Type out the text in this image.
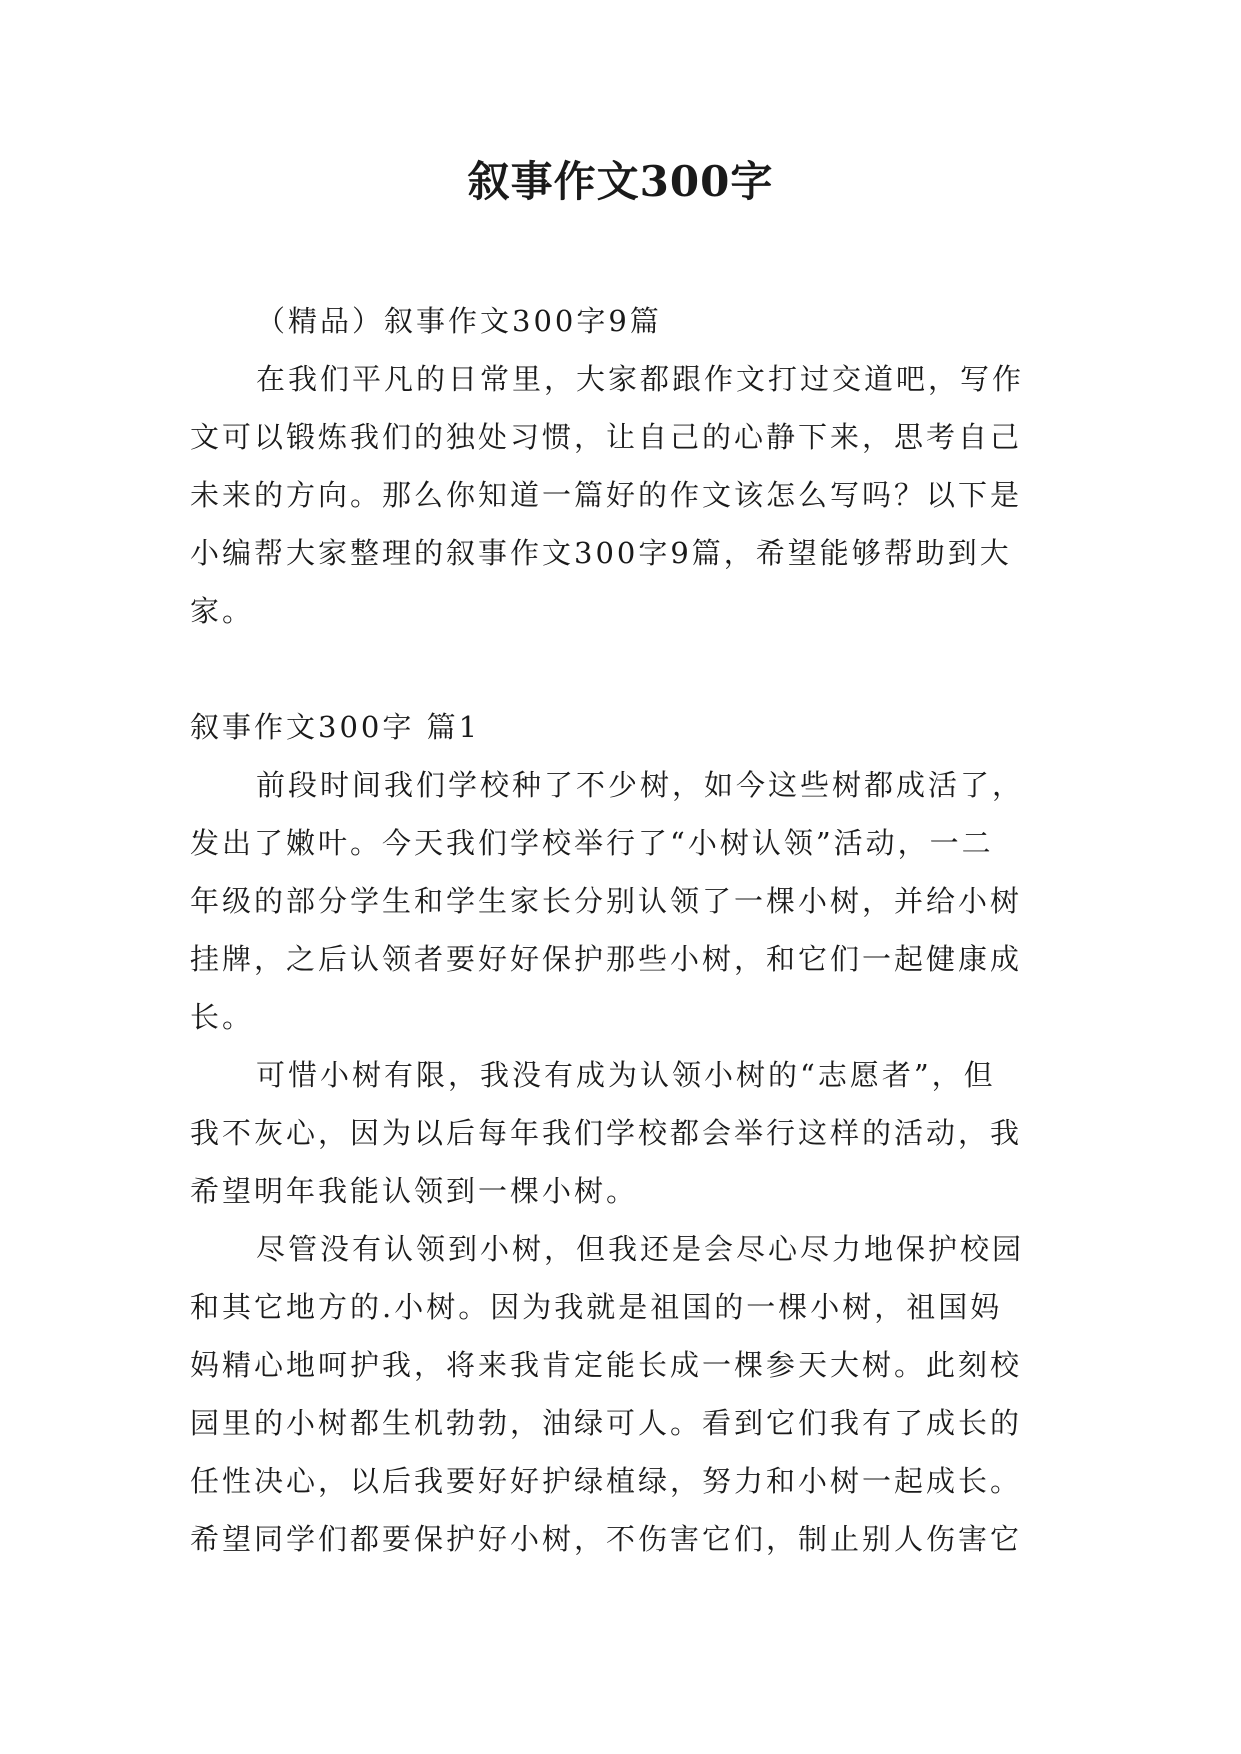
叙事作文300字

（精品）叙事作文300字9篇

在我们平凡的日常里，大家都跟作文打过交道吧，写作

文可以锻炼我们的独处习惯，让自己的心静下来，思考自己

未来的方向。那么你知道一篇好的作文该怎么写吗？以下是

小编帮大家整理的叙事作文300字9篇，希望能够帮助到大

家。

叙事作文300字 篇1

前段时间我们学校种了不少树，如今这些树都成活了，

发出了嫩叶。今天我们学校举行了“小树认领”活动，一二

年级的部分学生和学生家长分别认领了一棵小树，并给小树

挂牌，之后认领者要好好保护那些小树，和它们一起健康成

长。

可惜小树有限，我没有成为认领小树的“志愿者”，但

我不灰心，因为以后每年我们学校都会举行这样的活动，我

希望明年我能认领到一棵小树。

尽管没有认领到小树，但我还是会尽心尽力地保护校园

和其它地方的.小树。因为我就是祖国的一棵小树，祖国妈

妈精心地呵护我，将来我肯定能长成一棵参天大树。此刻校

园里的小树都生机勃勃，油绿可人。看到它们我有了成长的

任性决心，以后我要好好护绿植绿，努力和小树一起成长。

希望同学们都要保护好小树，不伤害它们，制止别人伤害它
